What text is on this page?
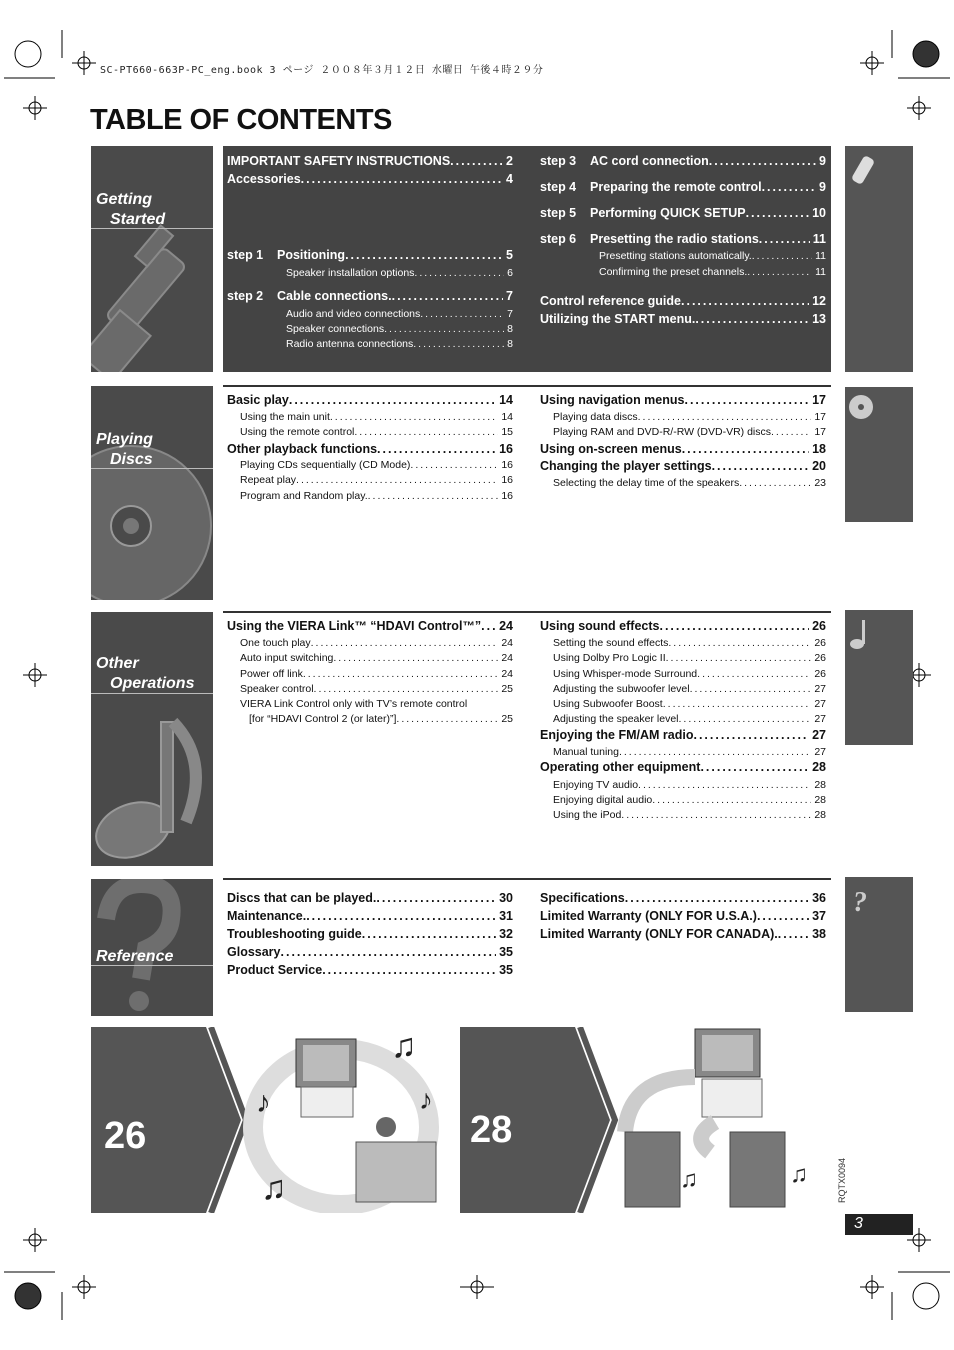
SC-PT660-663P-PC_eng.book 3 ページ ２００８年３月１２日 水曜日 午後４時２９分
TABLE OF CONTENTS
Getting
Started
IMPORTANT SAFETY INSTRUCTIONS .....	2
Accessories .....	4
step 1 Positioning .....	5
Speaker installation options .....	6
step 2 Cable connections. .....	7
Audio and video connections .....	7
Speaker connections .....	8
Radio antenna connections .....	8
step 3 AC cord connection .....	9
step 4 Preparing the remote control .....	9
step 5 Performing QUICK SETUP .....	10
step 6 Presetting the radio stations .....	11
Presetting stations automatically. .....	11
Confirming the preset channels. .....	11
Control reference guide .....	12
Utilizing the START menu. .....	13
Playing
Discs
Basic play .....	14
Using the main unit .....	14
Using the remote control .....	15
Other playback functions .....	16
Playing CDs sequentially (CD Mode) .....	16
Repeat play .....	16
Program and Random play. .....	16
Using navigation menus .....	17
Playing data discs .....	17
Playing RAM and DVD-R/-RW (DVD-VR) discs .....	17
Using on-screen menus .....	18
Changing the player settings .....	20
Selecting the delay time of the speakers .....	23
Other
Operations
Using the VIERA Link™ “HDAVI Control™” ..... 24
One touch play .....	24
Auto input switching .....	24
Power off link .....	24
Speaker control .....	25
VIERA Link Control only with TV’s remote control
[for “HDAVI Control 2 (or later)”] .....	25
Using sound effects .....	26
Setting the sound effects .....	26
Using Dolby Pro Logic II .....	26
Using Whisper-mode Surround .....	26
Adjusting the subwoofer level .....	27
Using Subwoofer Boost .....	27
Adjusting the speaker level .....	27
Enjoying the FM/AM radio .....	27
Manual tuning .....	27
Operating other equipment .....	28
Enjoying TV audio .....	28
Enjoying digital audio .....	28
Using the iPod .....	28
Reference
Discs that can be played. .....	30
Maintenance. .....	31
Troubleshooting guide .....	32
Glossary .....	35
Product Service .....	35
Specifications .....	36
Limited Warranty (ONLY FOR U.S.A.) .....	37
Limited Warranty (ONLY FOR CANADA). .....	38
?
♫
♪	♪
♫
26
♫	♫
28
RQTX0094
3
